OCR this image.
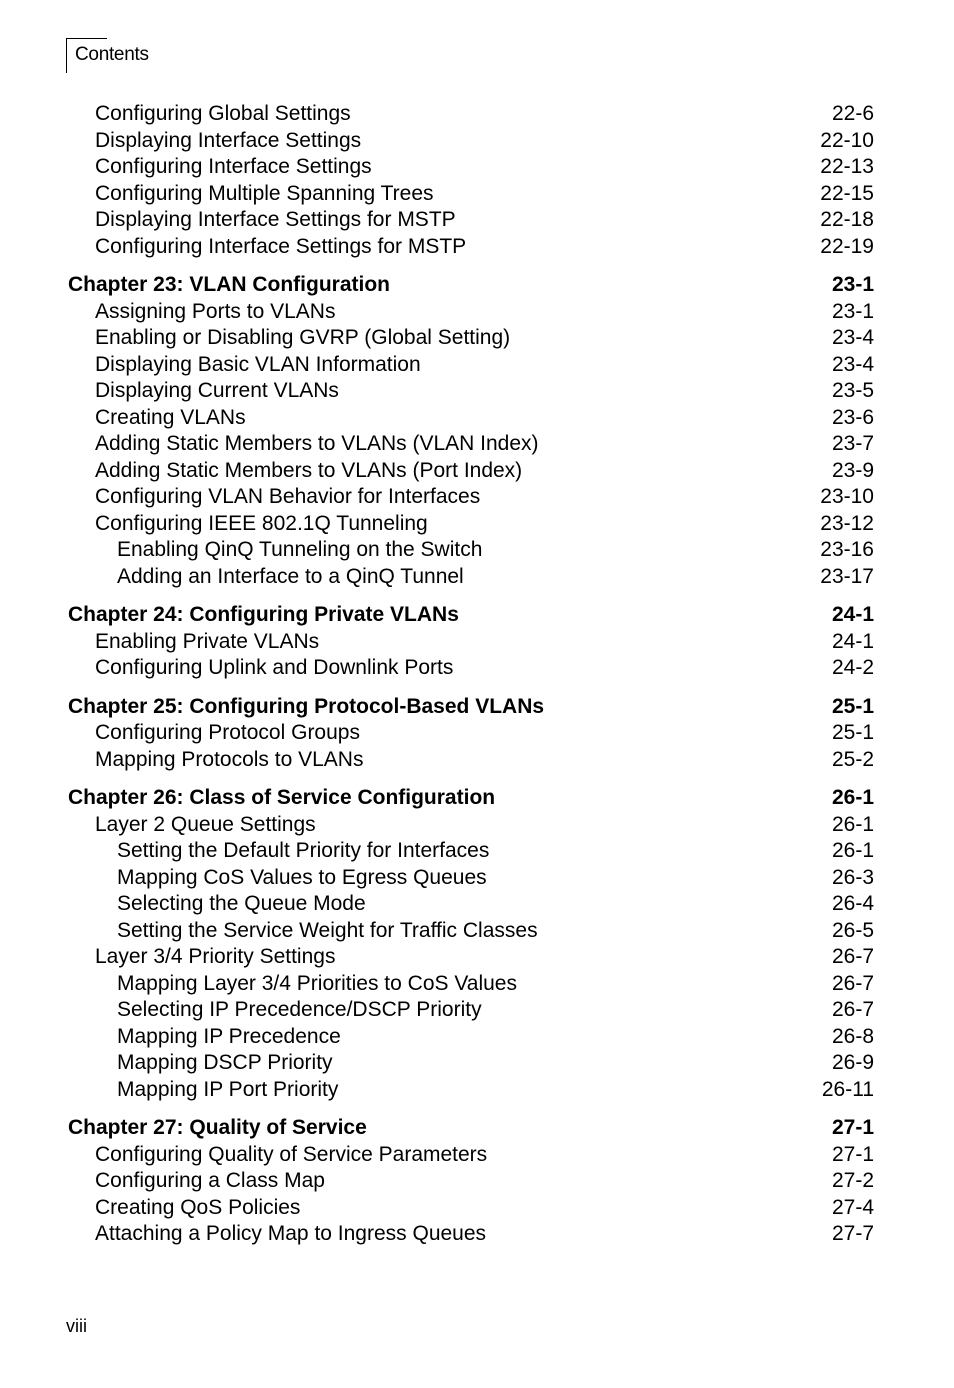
Contents
Configuring Global Settings	22-6
Displaying Interface Settings	22-10
Configuring Interface Settings	22-13
Configuring Multiple Spanning Trees	22-15
Displaying Interface Settings for MSTP	22-18
Configuring Interface Settings for MSTP	22-19
Chapter 23: VLAN Configuration	23-1
Assigning Ports to VLANs	23-1
Enabling or Disabling GVRP (Global Setting)	23-4
Displaying Basic VLAN Information	23-4
Displaying Current VLANs	23-5
Creating VLANs	23-6
Adding Static Members to VLANs (VLAN Index)	23-7
Adding Static Members to VLANs (Port Index)	23-9
Configuring VLAN Behavior for Interfaces	23-10
Configuring IEEE 802.1Q Tunneling	23-12
Enabling QinQ Tunneling on the Switch	23-16
Adding an Interface to a QinQ Tunnel	23-17
Chapter 24: Configuring Private VLANs	24-1
Enabling Private VLANs	24-1
Configuring Uplink and Downlink Ports	24-2
Chapter 25: Configuring Protocol-Based VLANs	25-1
Configuring Protocol Groups	25-1
Mapping Protocols to VLANs	25-2
Chapter 26: Class of Service Configuration	26-1
Layer 2 Queue Settings	26-1
Setting the Default Priority for Interfaces	26-1
Mapping CoS Values to Egress Queues	26-3
Selecting the Queue Mode	26-4
Setting the Service Weight for Traffic Classes	26-5
Layer 3/4 Priority Settings	26-7
Mapping Layer 3/4 Priorities to CoS Values	26-7
Selecting IP Precedence/DSCP Priority	26-7
Mapping IP Precedence	26-8
Mapping DSCP Priority	26-9
Mapping IP Port Priority	26-11
Chapter 27: Quality of Service	27-1
Configuring Quality of Service Parameters	27-1
Configuring a Class Map	27-2
Creating QoS Policies	27-4
Attaching a Policy Map to Ingress Queues	27-7
viii
